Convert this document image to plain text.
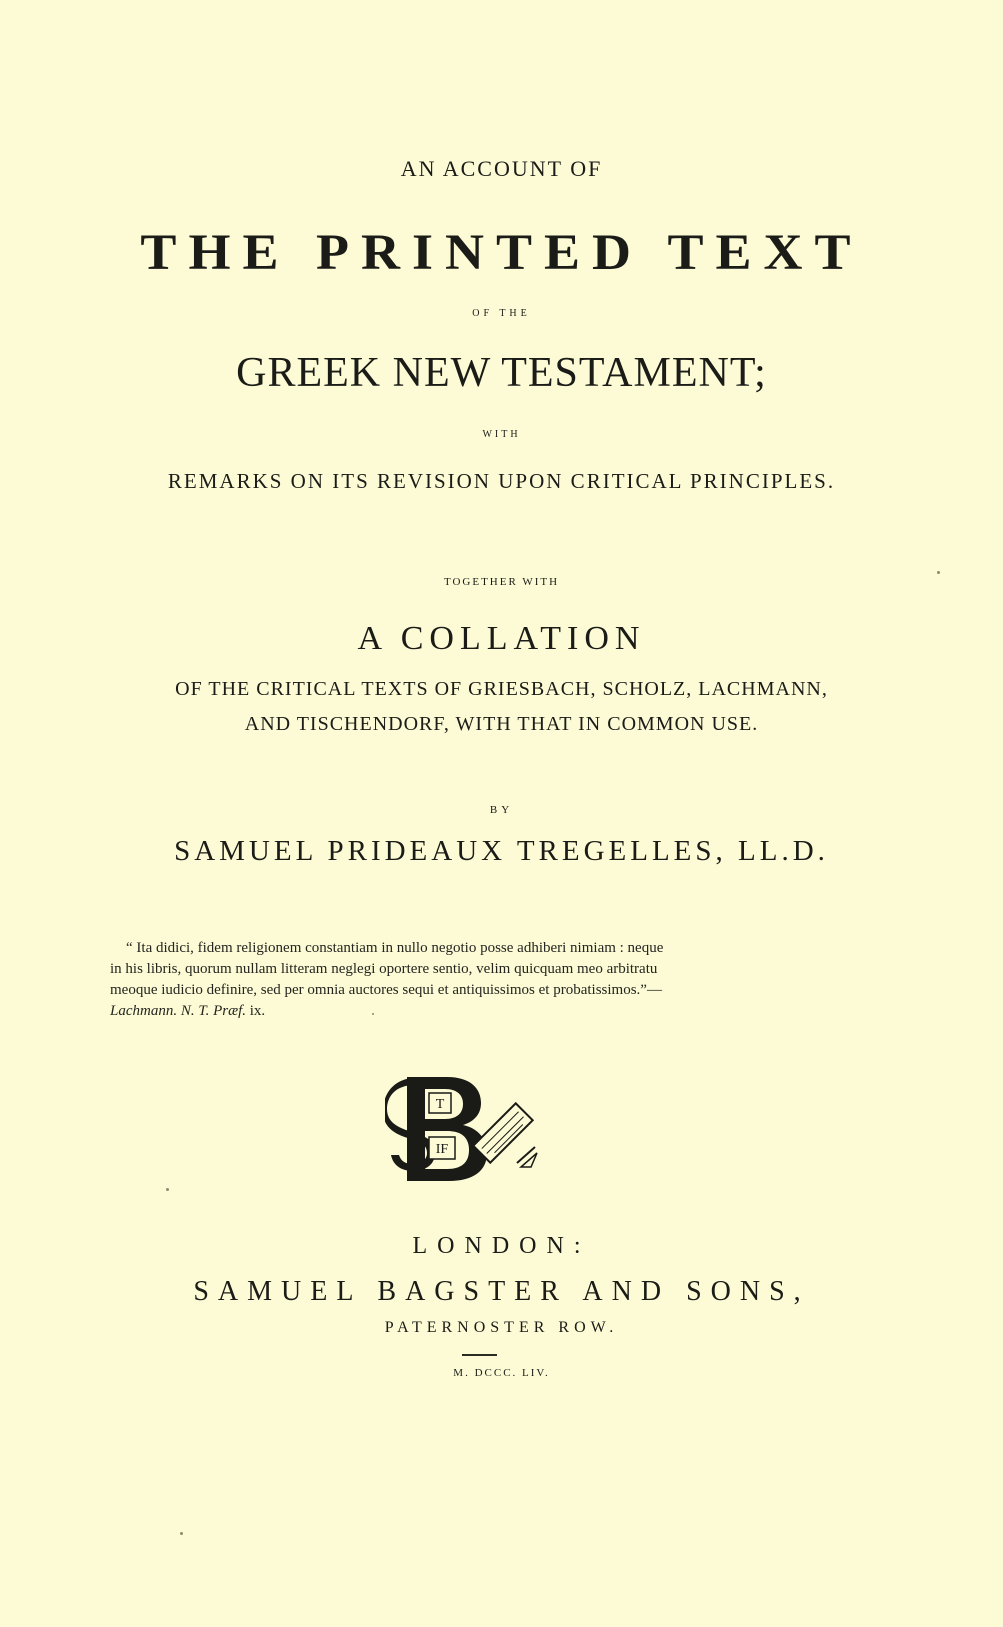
AN ACCOUNT OF
THE PRINTED TEXT
OF THE
GREEK NEW TESTAMENT;
WITH
REMARKS ON ITS REVISION UPON CRITICAL PRINCIPLES.
TOGETHER WITH
A COLLATION
OF THE CRITICAL TEXTS OF GRIESBACH, SCHOLZ, LACHMANN,
AND TISCHENDORF, WITH THAT IN COMMON USE.
BY
SAMUEL PRIDEAUX TREGELLES, LL.D.
“ Ita didici, fidem religionem constantiam in nullo negotio posse adhiberi nimiam : neque
in his libris, quorum nullam litteram neglegi oportere sentio, velim quicquam meo arbitratu
meoque iudicio definire, sed per omnia auctores sequi et antiquissimos et probatissimos.”—
Lachmann. N. T. Præf. ix.
T
IF
LONDON:
SAMUEL BAGSTER AND SONS,
PATERNOSTER ROW.
M. DCCC. LIV.
